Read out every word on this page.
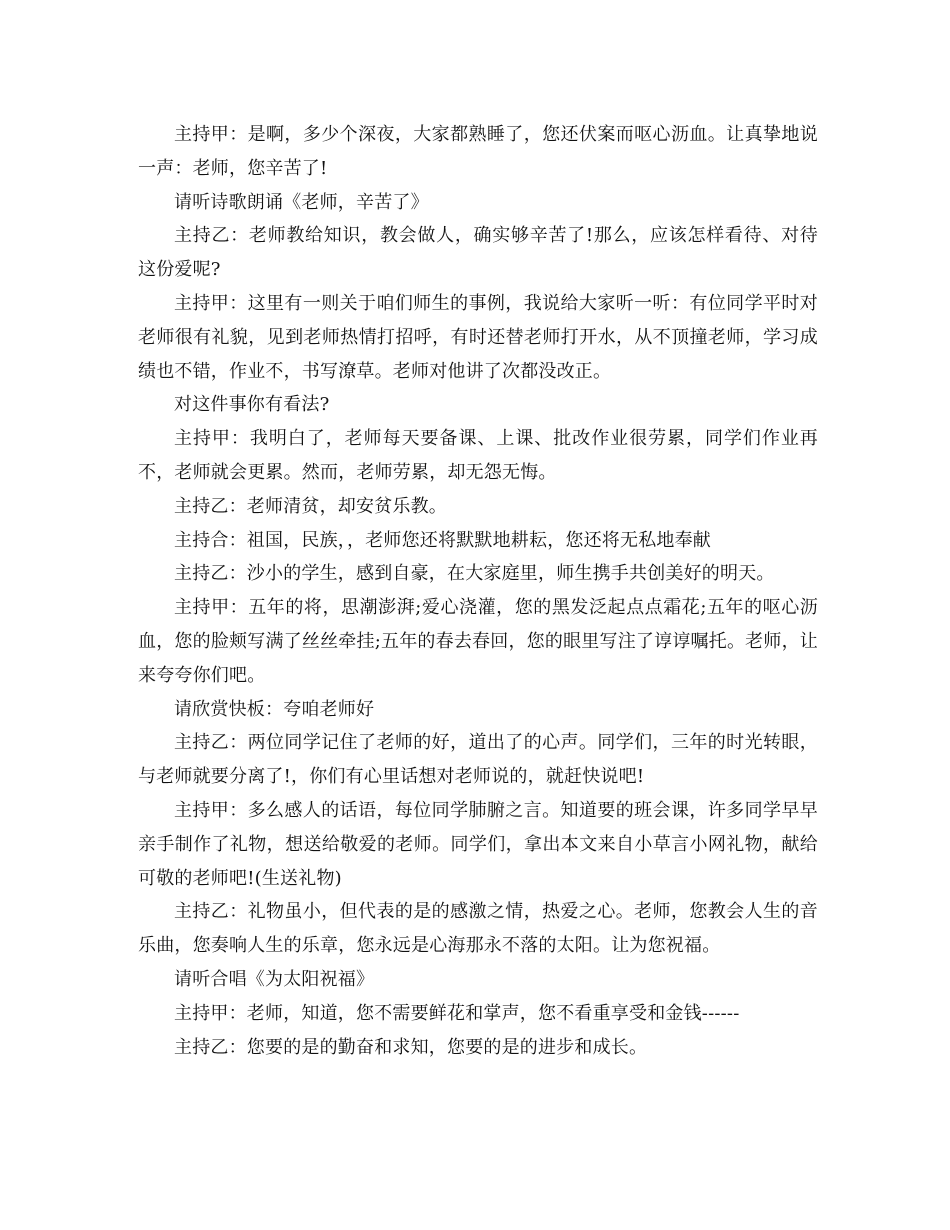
主持甲：是啊，多少个深夜，大家都熟睡了，您还伏案而呕心沥血。让真挚地说一声：老师，您辛苦了!

请听诗歌朗诵《老师，辛苦了》

主持乙：老师教给知识，教会做人，确实够辛苦了!那么，应该怎样看待、对待这份爱呢?

主持甲：这里有一则关于咱们师生的事例，我说给大家听一听：有位同学平时对老师很有礼貌，见到老师热情打招呼，有时还替老师打开水，从不顶撞老师，学习成绩也不错，作业不，书写潦草。老师对他讲了次都没改正。

对这件事你有看法?

主持甲：我明白了，老师每天要备课、上课、批改作业很劳累，同学们作业再不，老师就会更累。然而，老师劳累，却无怨无悔。

主持乙：老师清贫，却安贫乐教。

主持合：祖国，民族，，老师您还将默默地耕耘，您还将无私地奉献

主持乙：沙小的学生，感到自豪，在大家庭里，师生携手共创美好的明天。

主持甲：五年的将，思潮澎湃;爱心浇灌，您的黑发泛起点点霜花;五年的呕心沥血，您的脸颊写满了丝丝牵挂;五年的春去春回，您的眼里写注了谆谆嘱托。老师，让来夸夸你们吧。

请欣赏快板：夸咱老师好

主持乙：两位同学记住了老师的好，道出了的心声。同学们，三年的时光转眼，与老师就要分离了!，你们有心里话想对老师说的，就赶快说吧!

主持甲：多么感人的话语，每位同学肺腑之言。知道要的班会课，许多同学早早亲手制作了礼物，想送给敬爱的老师。同学们，拿出本文来自小草言小网礼物，献给可敬的老师吧!(生送礼物)

主持乙：礼物虽小，但代表的是的感激之情，热爱之心。老师，您教会人生的音乐曲，您奏响人生的乐章，您永远是心海那永不落的太阳。让为您祝福。

请听合唱《为太阳祝福》

主持甲：老师，知道，您不需要鲜花和掌声，您不看重享受和金钱------

主持乙：您要的是的勤奋和求知，您要的是的进步和成长。
